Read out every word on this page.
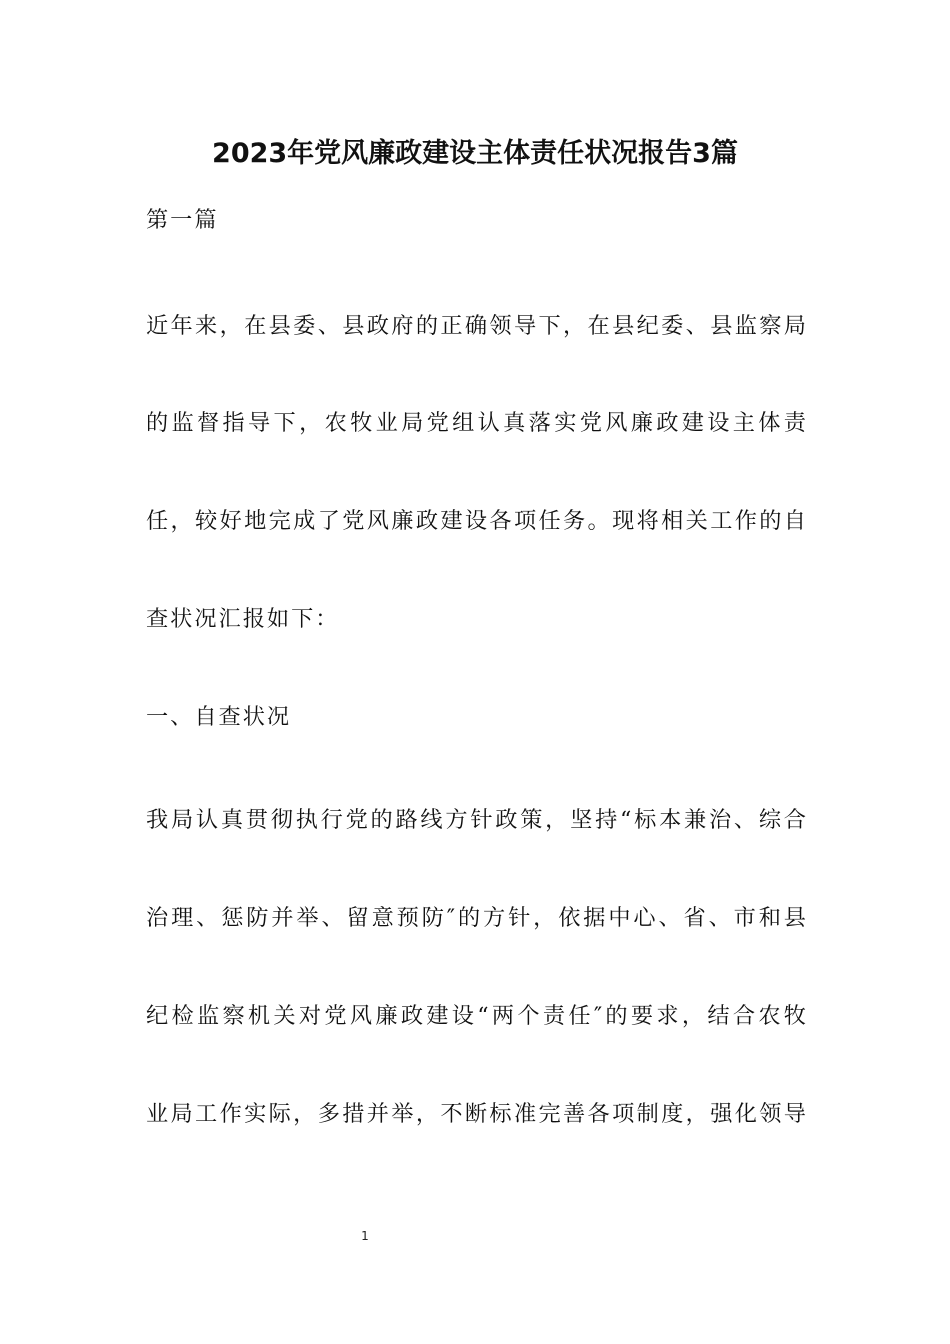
2023年党风廉政建设主体责任状况报告3篇

第一篇

近年来，在县委、县政府的正确领导下，在县纪委、县监察局

的监督指导下，农牧业局党组认真落实党风廉政建设主体责

任，较好地完成了党风廉政建设各项任务。现将相关工作的自

查状况汇报如下：

一、自查状况

我局认真贯彻执行党的路线方针政策，坚持“标本兼治、综合

治理、惩防并举、留意预防″的方针，依据中心、省、市和县

纪检监察机关对党风廉政建设“两个责任″的要求，结合农牧

业局工作实际，多措并举，不断标准完善各项制度，强化领导

1
